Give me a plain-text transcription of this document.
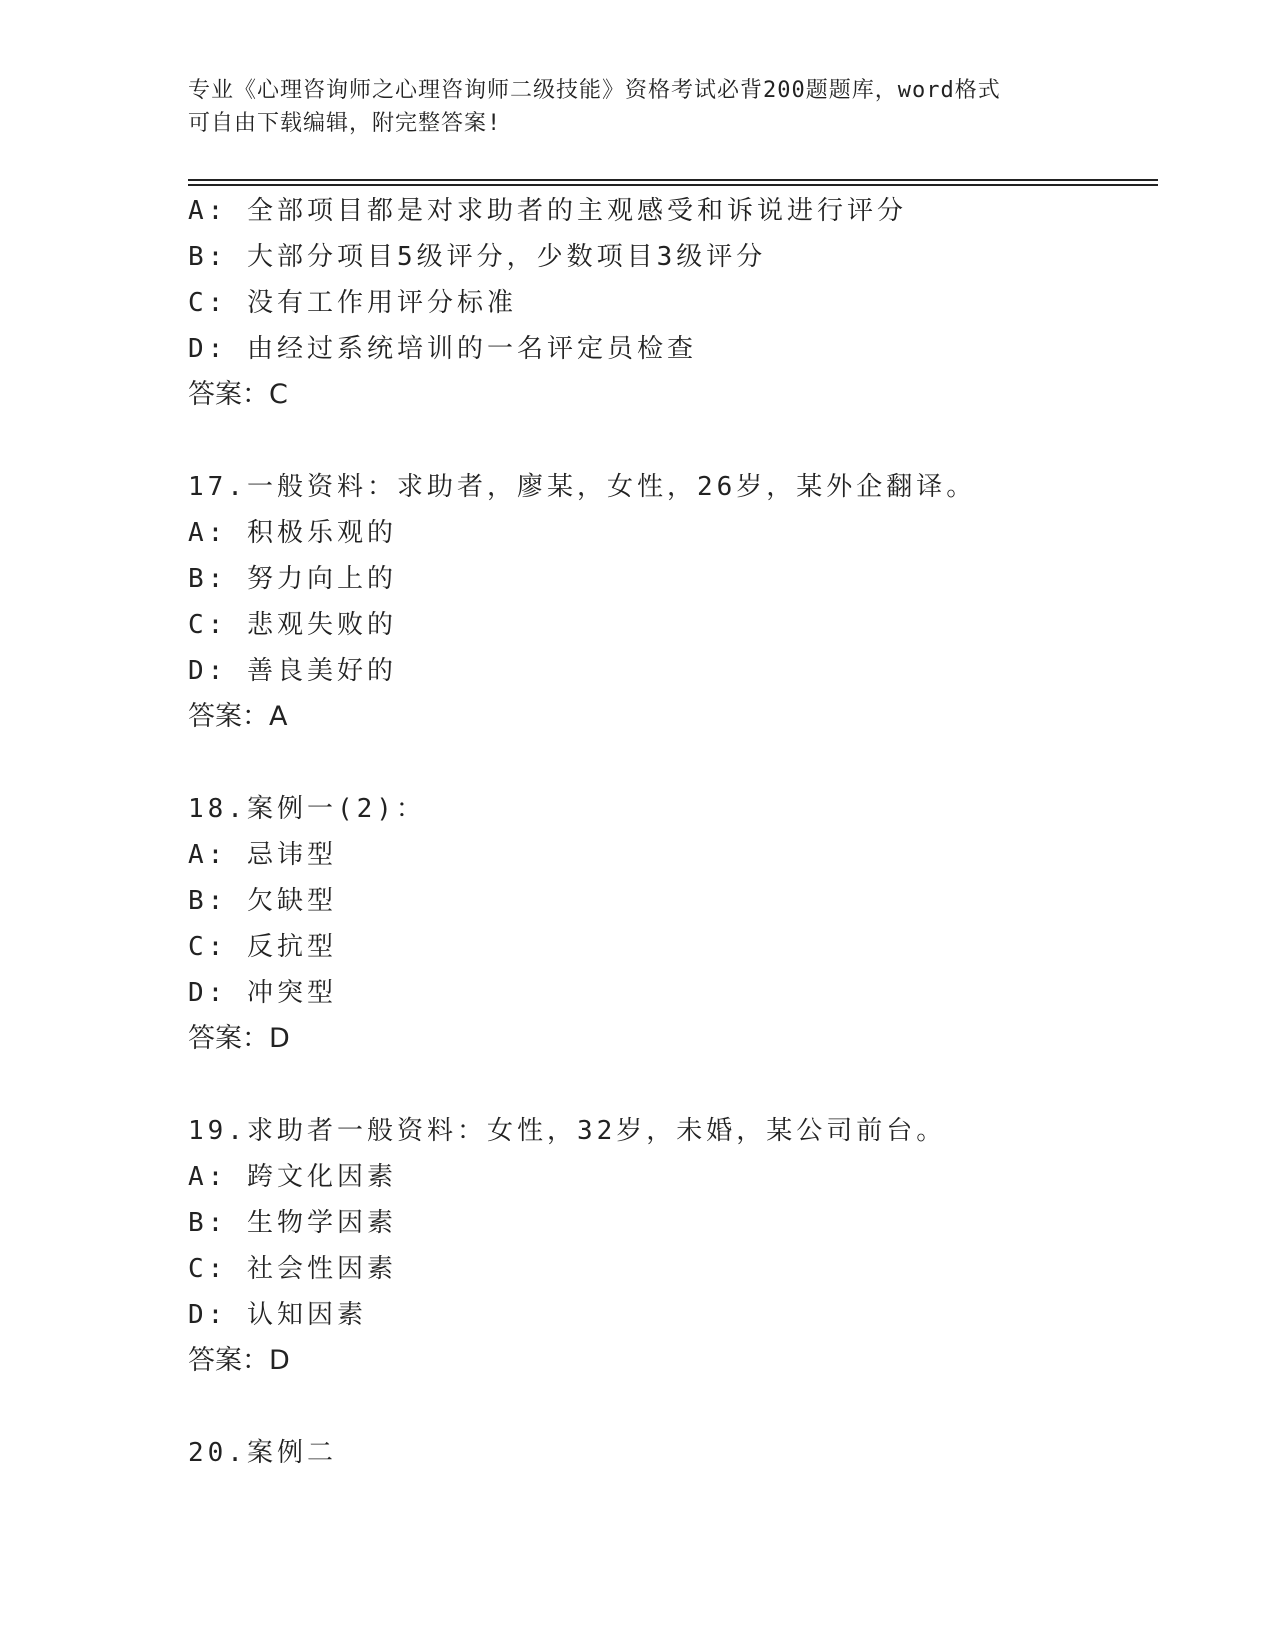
专业《心理咨询师之心理咨询师二级技能》资格考试必背200题题库，word格式
可自由下载编辑，附完整答案!
A: 全部项目都是对求助者的主观感受和诉说进行评分
B: 大部分项目5级评分，少数项目3级评分
C: 没有工作用评分标准
D: 由经过系统培训的一名评定员检查
答案：C
17.一般资料：求助者，廖某，女性，26岁，某外企翻译。
A: 积极乐观的
B: 努力向上的
C: 悲观失败的
D: 善良美好的
答案：A
18.案例一(2)：
A: 忌讳型
B: 欠缺型
C: 反抗型
D: 冲突型
答案：D
19.求助者一般资料：女性，32岁，未婚，某公司前台。
A: 跨文化因素
B: 生物学因素
C: 社会性因素
D: 认知因素
答案：D
20.案例二
